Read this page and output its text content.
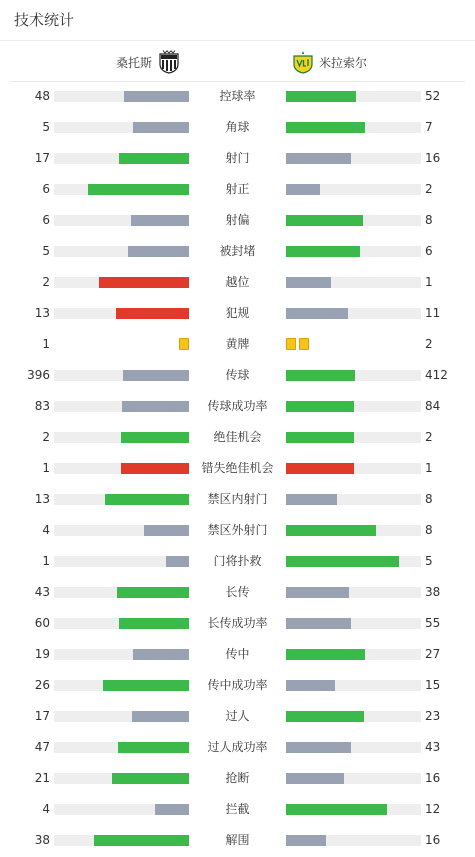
技术统计
桑托斯	米拉索尔
48	控球率	52
5	角球	7
17	射门	16
6	射正	2
6	射偏	8
5	被封堵	6
2	越位	1
13	犯规	11
1	黄牌	2
396	传球	412
83	传球成功率	84
2	绝佳机会	2
1	错失绝佳机会	1
13	禁区内射门	8
4	禁区外射门	8
1	门将扑救	5
43	长传	38
60	长传成功率	55
19	传中	27
26	传中成功率	15
17	过人	23
47	过人成功率	43
21	抢断	16
4	拦截	12
38	解围	16
